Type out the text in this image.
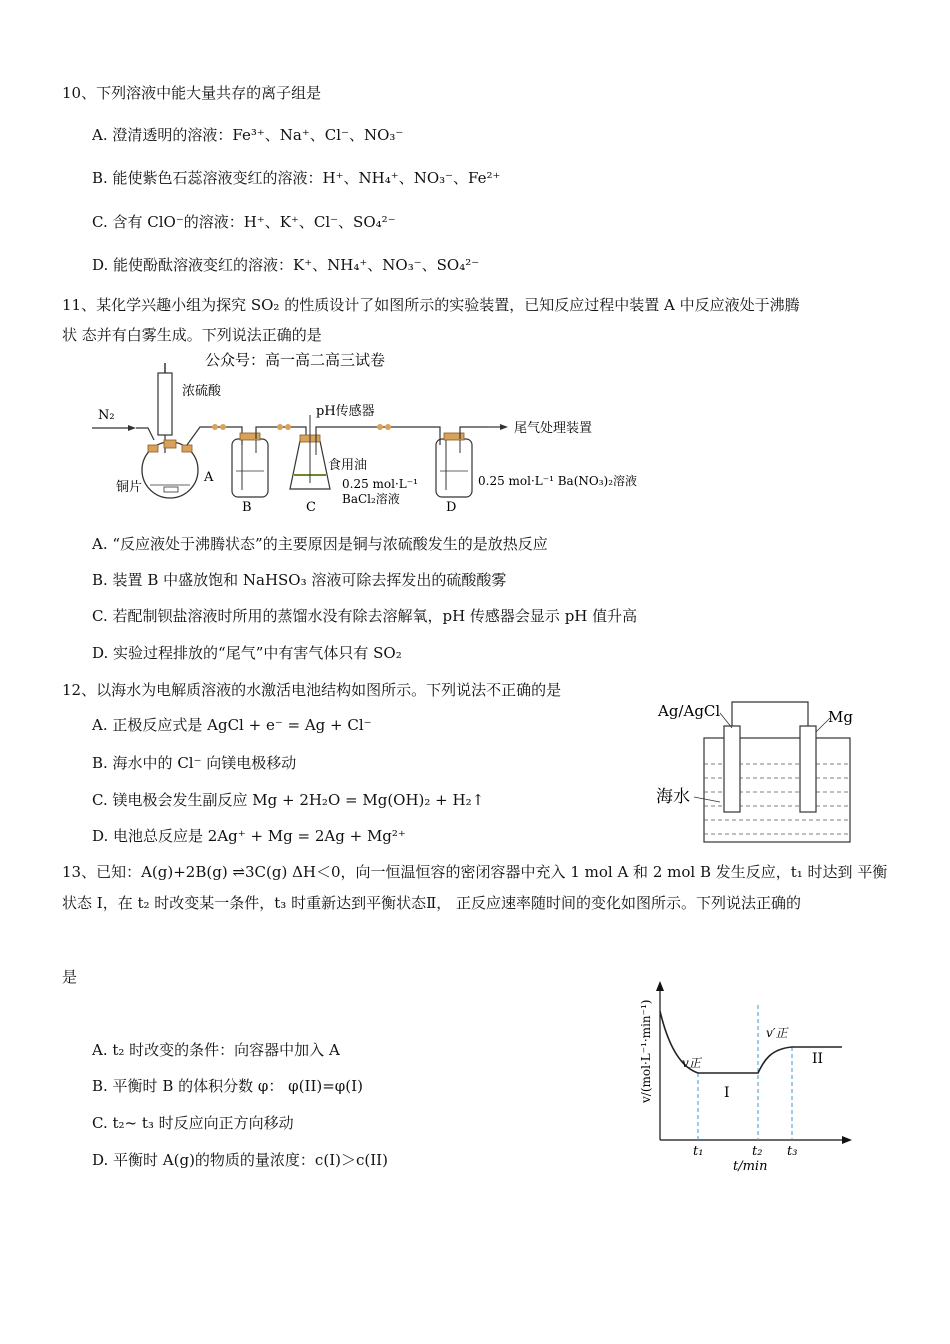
10、下列溶液中能大量共存的离子组是
A. 澄清透明的溶液：Fe³⁺、Na⁺、Cl⁻、NO₃⁻
B. 能使紫色石蕊溶液变红的溶液：H⁺、NH₄⁺、NO₃⁻、Fe²⁺
C. 含有 ClO⁻的溶液：H⁺、K⁺、Cl⁻、SO₄²⁻
D. 能使酚酞溶液变红的溶液：K⁺、NH₄⁺、NO₃⁻、SO₄²⁻
11、某化学兴趣小组为探究 SO₂ 的性质设计了如图所示的实验装置，已知反应过程中装置 A 中反应液处于沸腾
状 态并有白雾生成。下列说法正确的是
公众号：高一高二高三试卷
浓硫酸
N₂
铜片
A
B
pH传感器
食用油
0.25 mol·L⁻¹
BaCl₂溶液
C
0.25 mol·L⁻¹ Ba(NO₃)₂溶液
D
尾气处理装置
A. “反应液处于沸腾状态”的主要原因是铜与浓硫酸发生的是放热反应
B. 装置 B 中盛放饱和 NaHSO₃ 溶液可除去挥发出的硫酸酸雾
C. 若配制钡盐溶液时所用的蒸馏水没有除去溶解氧，pH 传感器会显示 pH 值升高
D. 实验过程排放的“尾气”中有害气体只有 SO₂
12、以海水为电解质溶液的水激活电池结构如图所示。下列说法不正确的是
A. 正极反应式是 AgCl + e⁻ = Ag + Cl⁻
B. 海水中的 Cl⁻ 向镁电极移动
C. 镁电极会发生副反应 Mg + 2H₂O = Mg(OH)₂ + H₂↑
D. 电池总反应是 2Ag⁺ + Mg = 2Ag + Mg²⁺
Ag/AgCl	Mg
海水
13、已知：A(g)+2B(g) ⇌3C(g) ΔH＜0，向一恒温恒容的密闭容器中充入 1 mol A 和 2 mol B 发生反应，t₁ 时达到 平衡状态 I，在 t₂ 时改变某一条件，t₃ 时重新达到平衡状态Ⅱ， 正反应速率随时间的变化如图所示。下列说法正确的
是
A. t₂ 时改变的条件：向容器中加入 A
B. 平衡时 B 的体积分数 φ： φ(II)=φ(I)
C. t₂~ t₃ 时反应向正方向移动
D. 平衡时 A(g)的物质的量浓度：c(I)＞c(II)
v/(mol·L⁻¹·min⁻¹)
t/min
t₁	t₂ t₃
v正
v′正
I
II
